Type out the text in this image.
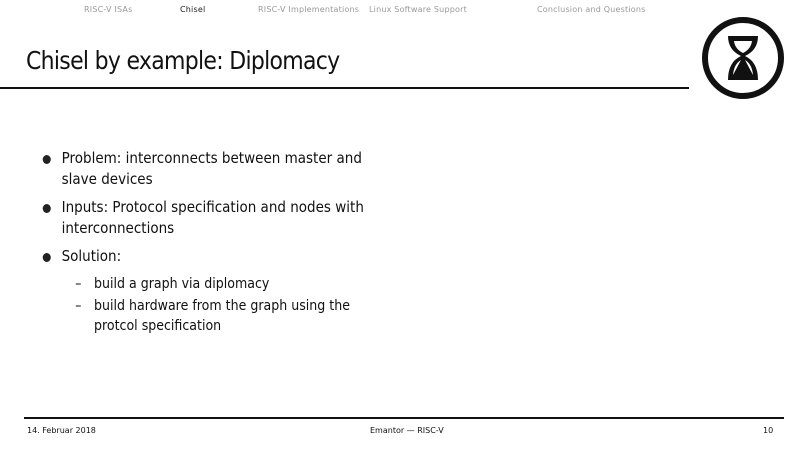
RISC-V ISAs	Chisel	RISC-V Implementations Linux Software Support	Conclusion and Questions
Chisel by example: Diplomacy
Problem: interconnects between master and slave devices
Inputs: Protocol specification and nodes with interconnections
Solution:
– build a graph via diplomacy
– build hardware from the graph using the protcol specification
14. Februar 2018	Emantor — RISC-V	10
